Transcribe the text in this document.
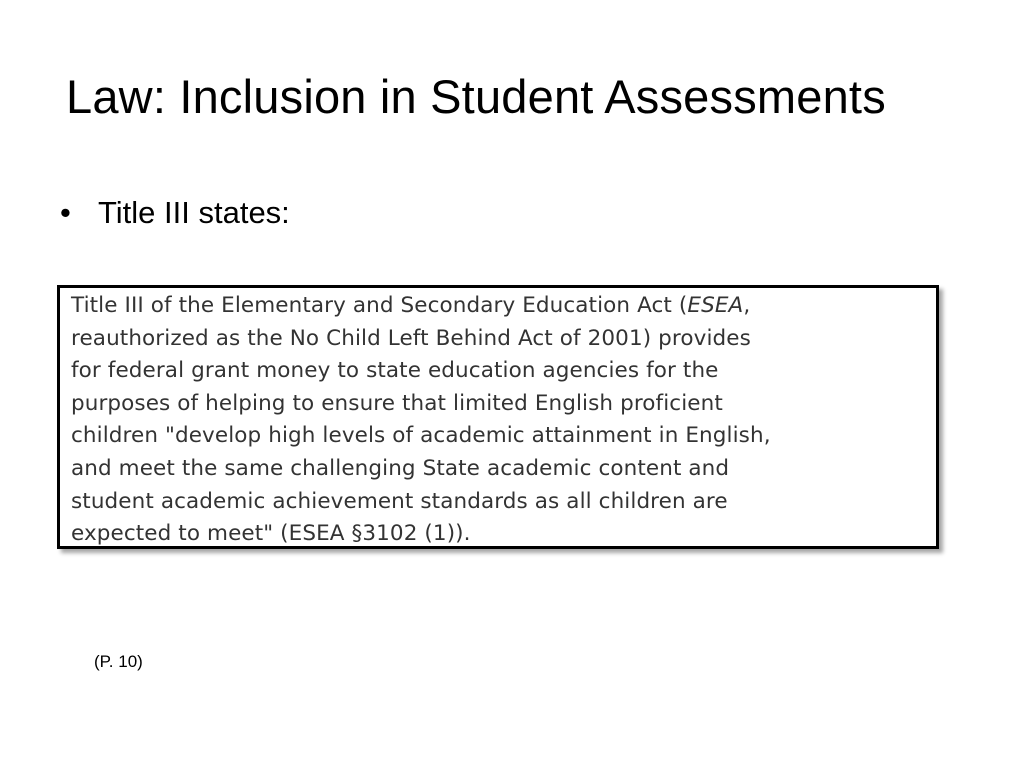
Law: Inclusion in Student Assessments
• Title III states:

Title III of the Elementary and Secondary Education Act (ESEA,
reauthorized as the No Child Left Behind Act of 2001) provides
for federal grant money to state education agencies for the
purposes of helping to ensure that limited English proficient
children "develop high levels of academic attainment in English,
and meet the same challenging State academic content and
student academic achievement standards as all children are
expected to meet" (ESEA §3102 (1)).

(P. 10)
